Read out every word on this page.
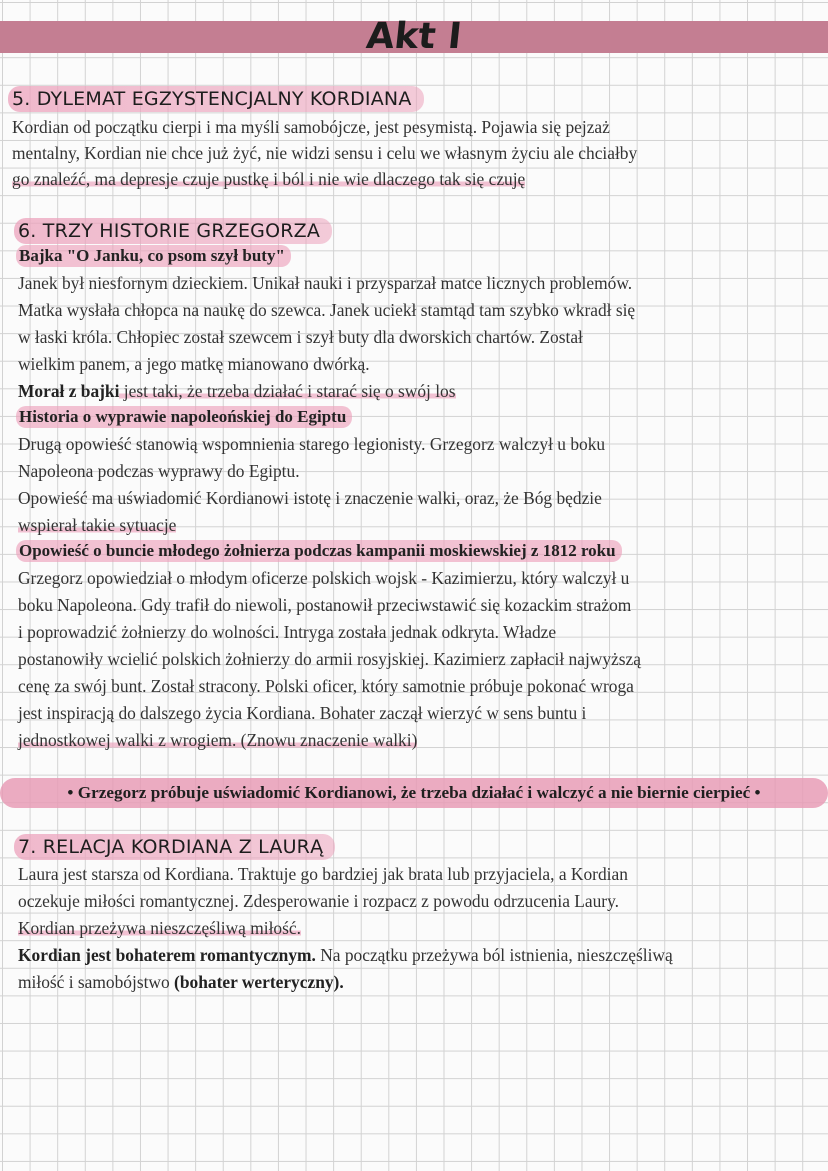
Akt I
5. DYLEMAT EGZYSTENCJALNY KORDIANA
Kordian od początku cierpi i ma myśli samobójcze, jest pesymistą. Pojawia się pejzaż
mentalny, Kordian nie chce już żyć, nie widzi sensu i celu we własnym życiu ale chciałby
go znaleźć, ma depresje czuje pustkę i ból i nie wie dlaczego tak się czuję
6. TRZY HISTORIE GRZEGORZA
Bajka "O Janku, co psom szył buty"
Janek był niesfornym dzieckiem. Unikał nauki i przysparzał matce licznych problemów.
Matka wysłała chłopca na naukę do szewca. Janek uciekł stamtąd tam szybko wkradł się
w łaski króla. Chłopiec został szewcem i szył buty dla dworskich chartów. Został
wielkim panem, a jego matkę mianowano dwórką.
Morał z bajki jest taki, że trzeba działać i starać się o swój los
Historia o wyprawie napoleońskiej do Egiptu
Drugą opowieść stanowią wspomnienia starego legionisty. Grzegorz walczył u boku
Napoleona podczas wyprawy do Egiptu.
Opowieść ma uświadomić Kordianowi istotę i znaczenie walki, oraz, że Bóg będzie
wspierał takie sytuacje
Opowieść o buncie młodego żołnierza podczas kampanii moskiewskiej z 1812 roku
Grzegorz opowiedział o młodym oficerze polskich wojsk - Kazimierzu, który walczył u
boku Napoleona. Gdy trafił do niewoli, postanowił przeciwstawić się kozackim strażom
i poprowadzić żołnierzy do wolności. Intryga została jednak odkryta. Władze
postanowiły wcielić polskich żołnierzy do armii rosyjskiej. Kazimierz zapłacił najwyższą
cenę za swój bunt. Został stracony. Polski oficer, który samotnie próbuje pokonać wroga
jest inspiracją do dalszego życia Kordiana. Bohater zaczął wierzyć w sens buntu i
jednostkowej walki z wrogiem. (Znowu znaczenie walki)
• Grzegorz próbuje uświadomić Kordianowi, że trzeba działać i walczyć a nie biernie cierpieć •
7. RELACJA KORDIANA Z LAURĄ
Laura jest starsza od Kordiana. Traktuje go bardziej jak brata lub przyjaciela, a Kordian
oczekuje miłości romantycznej. Zdesperowanie i rozpacz z powodu odrzucenia Laury.
Kordian przeżywa nieszczęśliwą miłość.
Kordian jest bohaterem romantycznym. Na początku przeżywa ból istnienia, nieszczęśliwą
miłość i samobójstwo (bohater werteryczny).
